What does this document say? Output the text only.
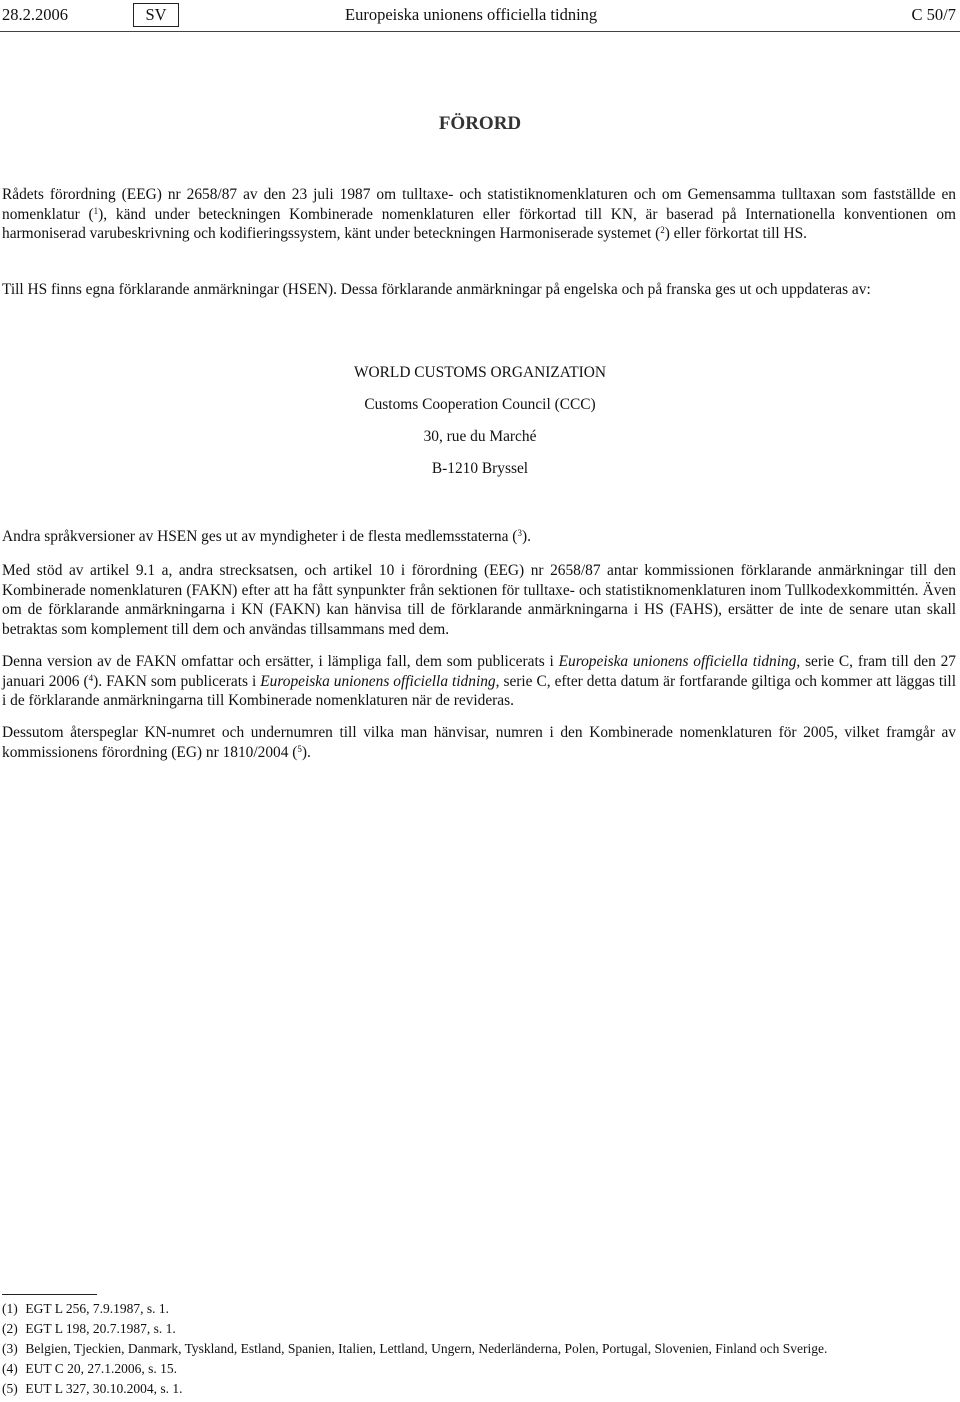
28.2.2006	SV	Europeiska unionens officiella tidning	C 50/7
FÖRORD

Rådets förordning (EEG) nr 2658/87 av den 23 juli 1987 om tulltaxe- och statistiknomenklaturen och om Gemensamma tulltaxan som fastställde en nomenklatur ($^1$), känd under beteckningen Kombinerade nomenklaturen eller förkortad till KN, är baserad på Internationella konventionen om harmoniserad varubeskrivning och kodifieringssystem, känt under beteckningen Harmoniserade systemet ($^2$) eller förkortat till HS.

Till HS finns egna förklarande anmärkningar (HSEN). Dessa förklarande anmärkningar på engelska och på franska ges ut och uppdateras av:

WORLD CUSTOMS ORGANIZATION
Customs Cooperation Council (CCC)
30, rue du Marché
B-1210 Bryssel

Andra språkversioner av HSEN ges ut av myndigheter i de flesta medlemsstaterna ($^3$).

Med stöd av artikel 9.1 a, andra strecksatsen, och artikel 10 i förordning (EEG) nr 2658/87 antar kommissionen förklarande anmärkningar till den Kombinerade nomenklaturen (FAKN) efter att ha fått synpunkter från sektionen för tulltaxe- och statistiknomenklaturen inom Tullkodexkommittén. Även om de förklarande anmärkningarna i KN (FAKN) kan hänvisa till de förklarande anmärkningarna i HS (FAHS), ersätter de inte de senare utan skall betraktas som komplement till dem och användas tillsammans med dem.

Denna version av de FAKN omfattar och ersätter, i lämpliga fall, dem som publicerats i Europeiska unionens officiella tidning, serie C, fram till den 27 januari 2006 ($^4$). FAKN som publicerats i Europeiska unionens officiella tidning, serie C, efter detta datum är fortfarande giltiga och kommer att läggas till i de förklarande anmärkningarna till Kombinerade nomenklaturen när de revideras.

Dessutom återspeglar KN-numret och undernumren till vilka man hänvisar, numren i den Kombinerade nomenklaturen för 2005, vilket framgår av kommissionens förordning (EG) nr 1810/2004 ($^5$).

(1) EGT L 256, 7.9.1987, s. 1.
(2) EGT L 198, 20.7.1987, s. 1.
(3) Belgien, Tjeckien, Danmark, Tyskland, Estland, Spanien, Italien, Lettland, Ungern, Nederländerna, Polen, Portugal, Slovenien, Finland och Sverige.
(4) EUT C 20, 27.1.2006, s. 15.
(5) EUT L 327, 30.10.2004, s. 1.
